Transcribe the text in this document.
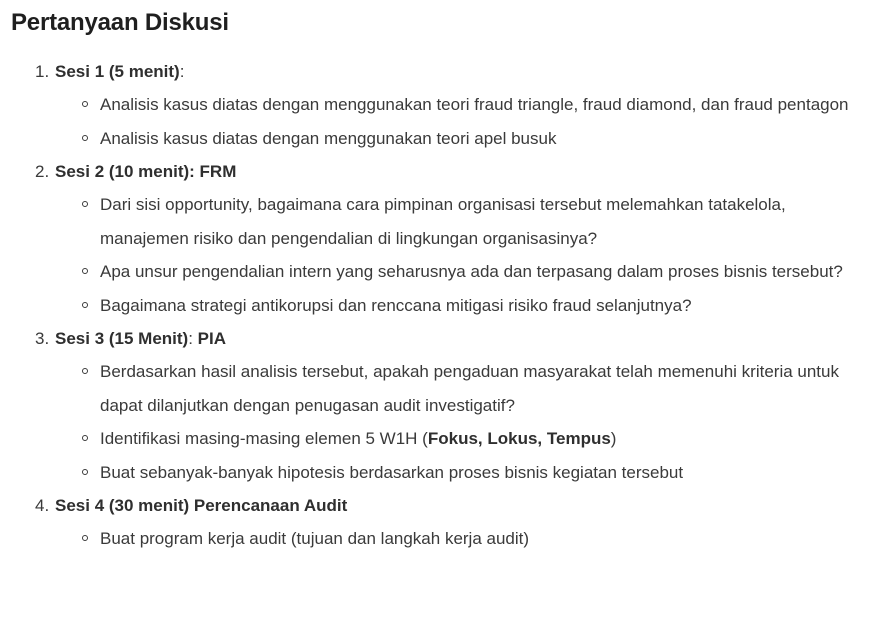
Pertanyaan Diskusi
1. Sesi 1 (5 menit):
Analisis kasus diatas dengan menggunakan teori fraud triangle, fraud diamond, dan fraud pentagon
Analisis kasus diatas dengan menggunakan teori apel busuk
2. Sesi 2 (10 menit): FRM
Dari sisi opportunity, bagaimana cara pimpinan organisasi tersebut melemahkan tatakelola, manajemen risiko dan pengendalian di lingkungan organisasinya?
Apa unsur pengendalian intern yang seharusnya ada dan terpasang dalam proses bisnis tersebut?
Bagaimana strategi antikorupsi dan renccana mitigasi risiko fraud selanjutnya?
3. Sesi 3 (15 Menit): PIA
Berdasarkan hasil analisis tersebut, apakah pengaduan masyarakat telah memenuhi kriteria untuk dapat dilanjutkan dengan penugasan audit investigatif?
Identifikasi masing-masing elemen 5 W1H (Fokus, Lokus, Tempus)
Buat sebanyak-banyak hipotesis berdasarkan proses bisnis kegiatan tersebut
4. Sesi 4 (30 menit) Perencanaan Audit
Buat program kerja audit (tujuan dan langkah kerja audit)
